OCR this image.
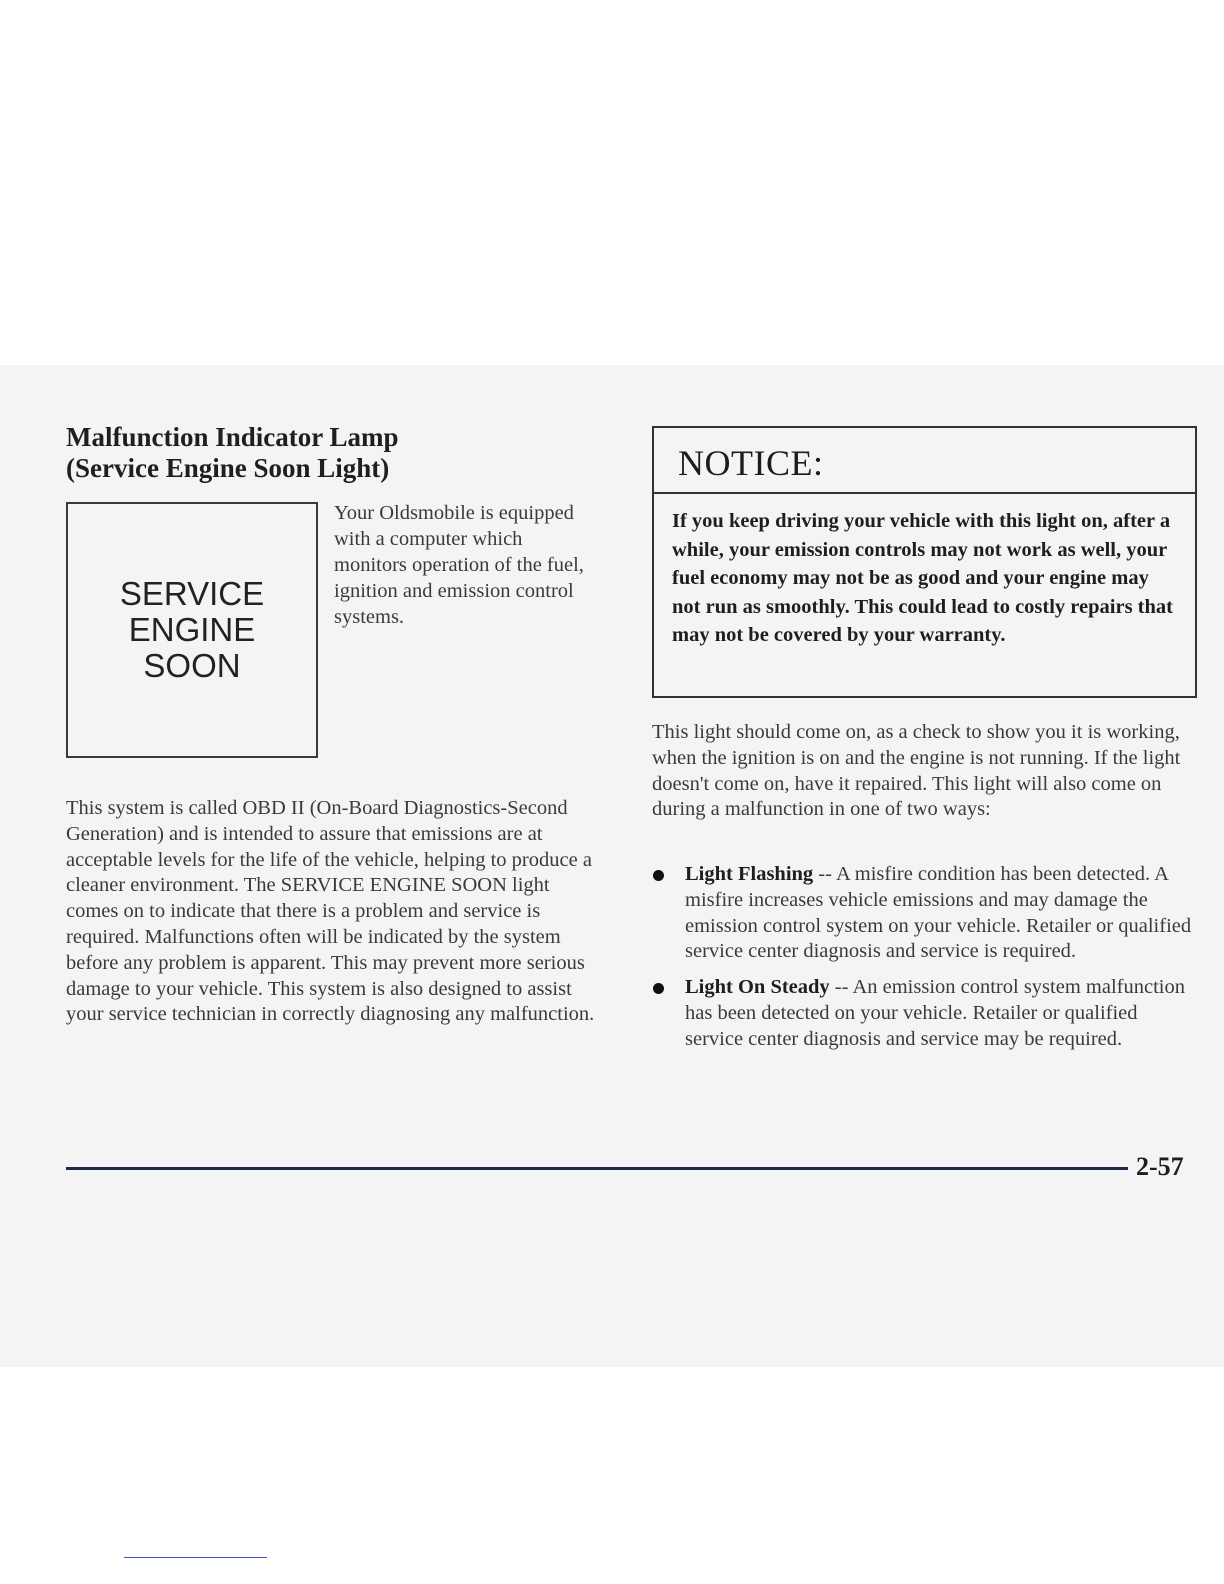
Malfunction Indicator Lamp
(Service Engine Soon Light)
SERVICE
ENGINE
SOON

Your Oldsmobile is equipped with a computer which monitors operation of the fuel, ignition and emission control systems.

This system is called OBD II (On-Board Diagnostics-Second Generation) and is intended to assure that emissions are at acceptable levels for the life of the vehicle, helping to produce a cleaner environment. The SERVICE ENGINE SOON light comes on to indicate that there is a problem and service is required. Malfunctions often will be indicated by the system before any problem is apparent. This may prevent more serious damage to your vehicle. This system is also designed to assist your service technician in correctly diagnosing any malfunction.

NOTICE:
If you keep driving your vehicle with this light on, after a while, your emission controls may not work as well, your fuel economy may not be as good and your engine may not run as smoothly. This could lead to costly repairs that may not be covered by your warranty.

This light should come on, as a check to show you it is working, when the ignition is on and the engine is not running. If the light doesn't come on, have it repaired. This light will also come on during a malfunction in one of two ways:

Light Flashing -- A misfire condition has been detected. A misfire increases vehicle emissions and may damage the emission control system on your vehicle. Retailer or qualified service center diagnosis and service is required.
Light On Steady -- An emission control system malfunction has been detected on your vehicle. Retailer or qualified service center diagnosis and service may be required.
2-57
